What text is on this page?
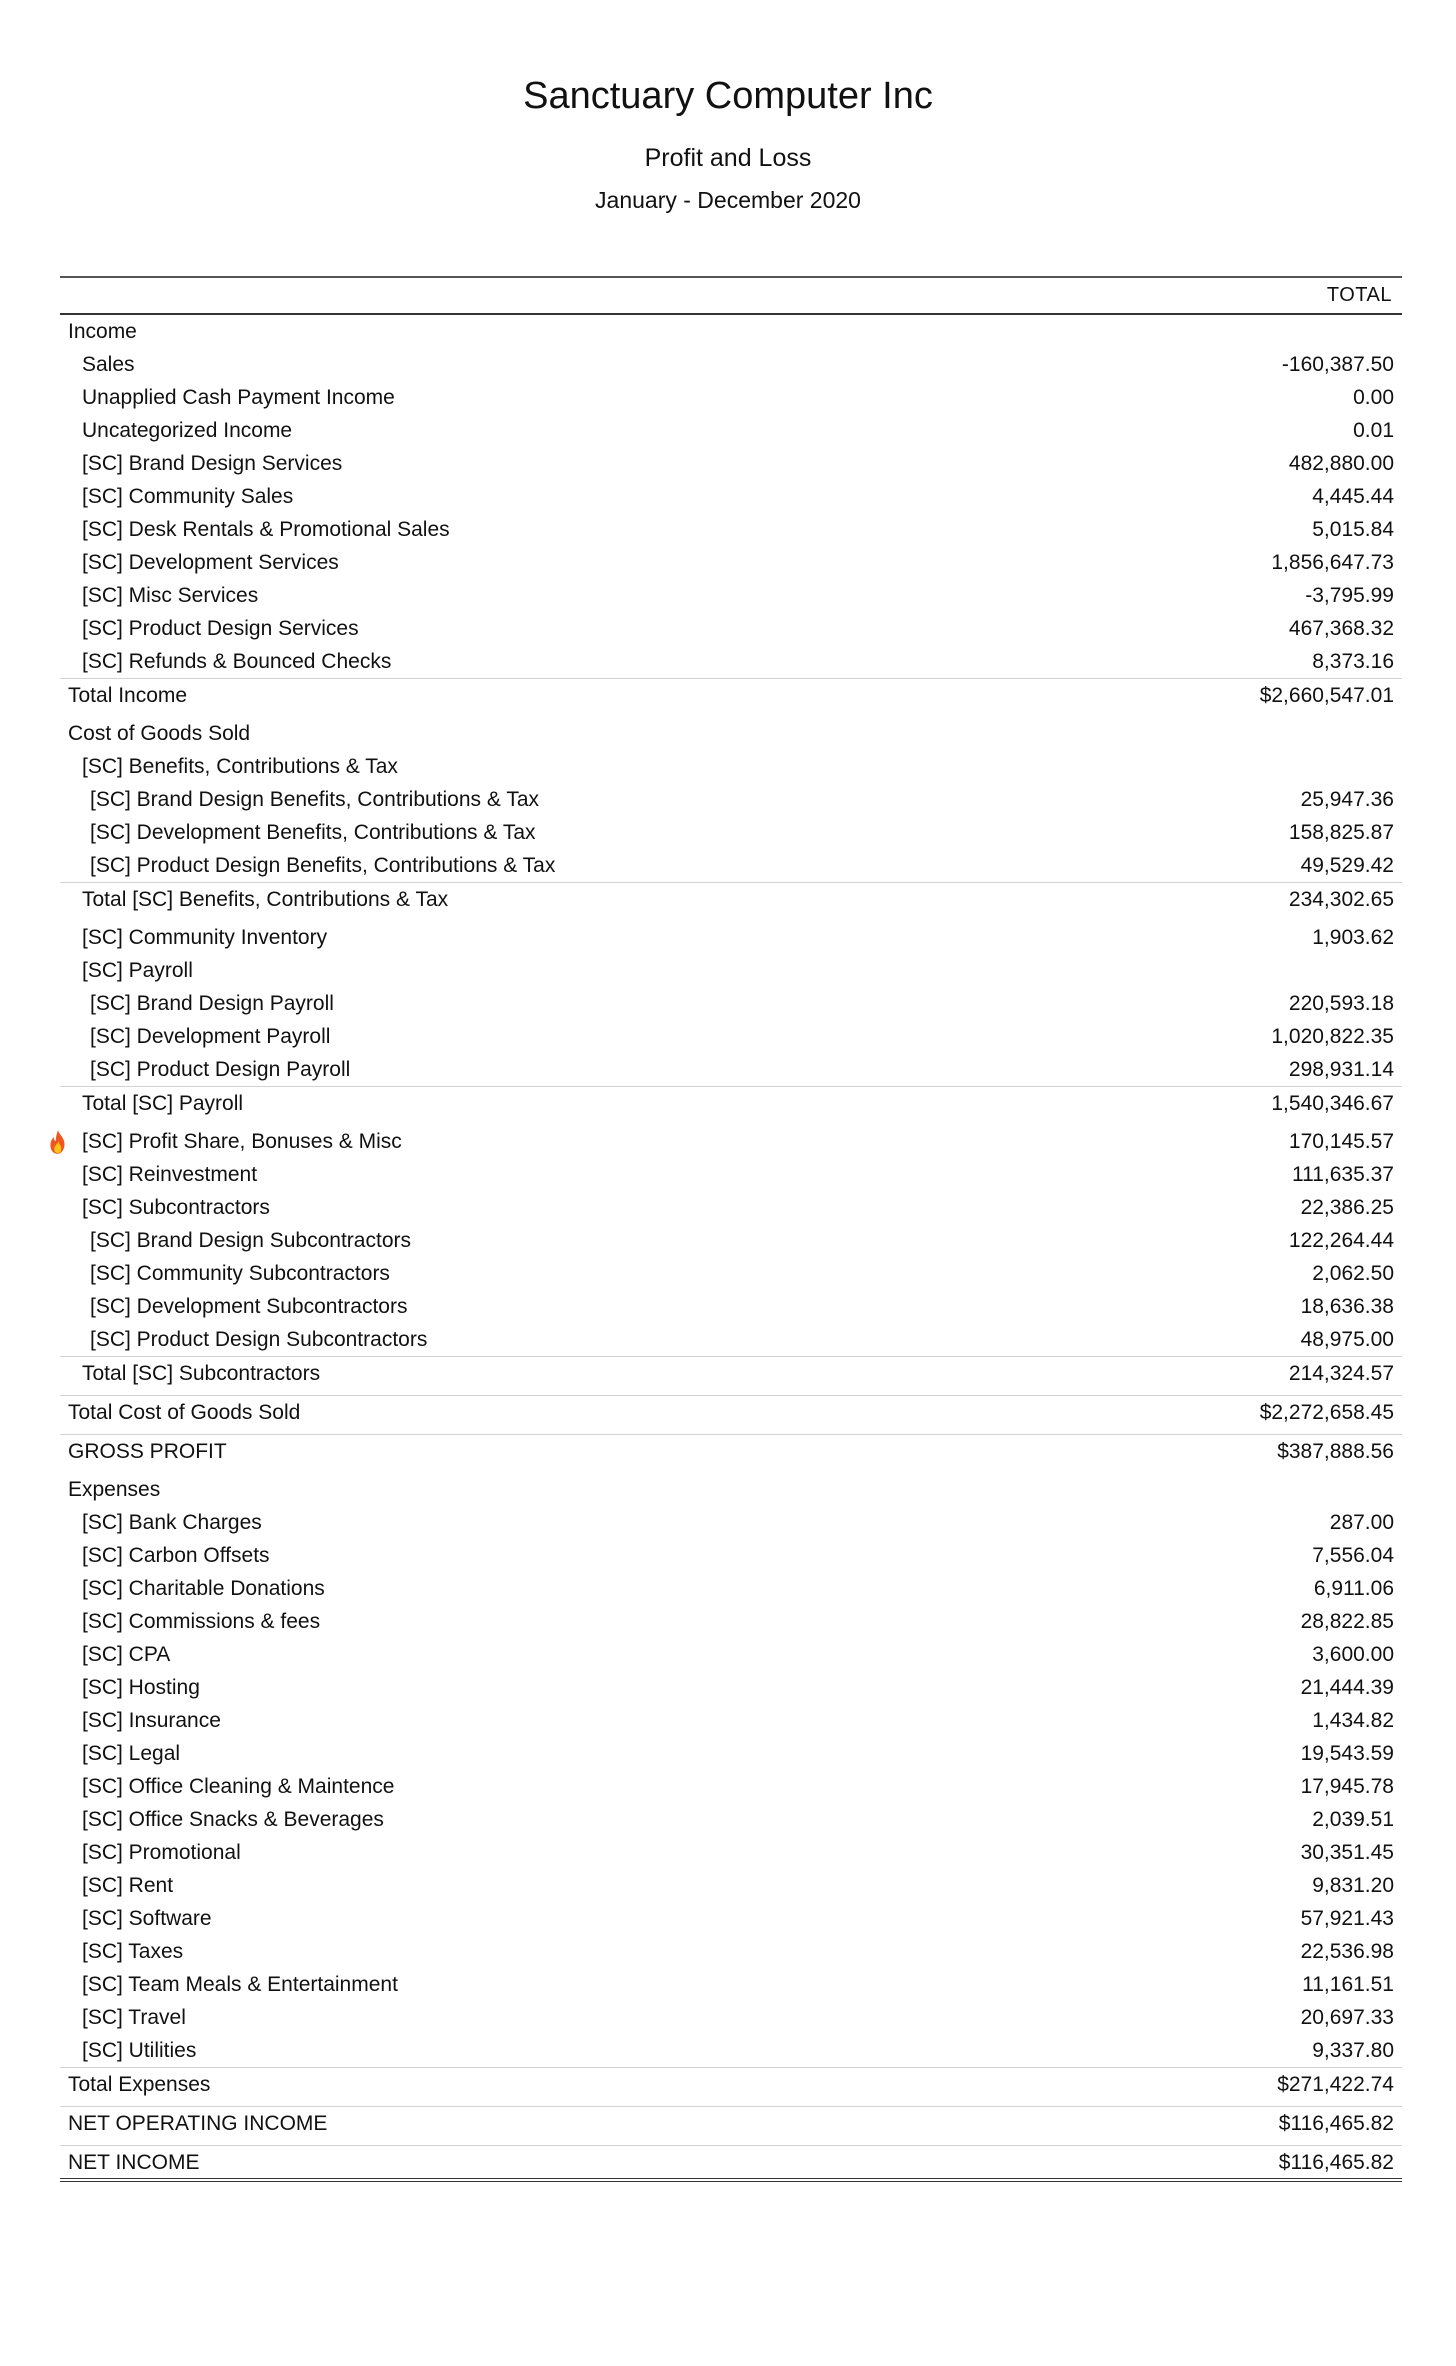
Sanctuary Computer Inc
Profit and Loss
January - December 2020
TOTAL
Income
Sales	-160,387.50
Unapplied Cash Payment Income	0.00
Uncategorized Income	0.01
[SC] Brand Design Services	482,880.00
[SC] Community Sales	4,445.44
[SC] Desk Rentals & Promotional Sales	5,015.84
[SC] Development Services	1,856,647.73
[SC] Misc Services	-3,795.99
[SC] Product Design Services	467,368.32
[SC] Refunds & Bounced Checks	8,373.16
Total Income	$2,660,547.01
Cost of Goods Sold
[SC] Benefits, Contributions & Tax
[SC] Brand Design Benefits, Contributions & Tax	25,947.36
[SC] Development Benefits, Contributions & Tax	158,825.87
[SC] Product Design Benefits, Contributions & Tax	49,529.42
Total [SC] Benefits, Contributions & Tax	234,302.65
[SC] Community Inventory	1,903.62
[SC] Payroll
[SC] Brand Design Payroll	220,593.18
[SC] Development Payroll	1,020,822.35
[SC] Product Design Payroll	298,931.14
Total [SC] Payroll	1,540,346.67
[SC] Profit Share, Bonuses & Misc	170,145.57
[SC] Reinvestment	111,635.37
[SC] Subcontractors	22,386.25
[SC] Brand Design Subcontractors	122,264.44
[SC] Community Subcontractors	2,062.50
[SC] Development Subcontractors	18,636.38
[SC] Product Design Subcontractors	48,975.00
Total [SC] Subcontractors	214,324.57
Total Cost of Goods Sold	$2,272,658.45
GROSS PROFIT	$387,888.56
Expenses
[SC] Bank Charges	287.00
[SC] Carbon Offsets	7,556.04
[SC] Charitable Donations	6,911.06
[SC] Commissions & fees	28,822.85
[SC] CPA	3,600.00
[SC] Hosting	21,444.39
[SC] Insurance	1,434.82
[SC] Legal	19,543.59
[SC] Office Cleaning & Maintence	17,945.78
[SC] Office Snacks & Beverages	2,039.51
[SC] Promotional	30,351.45
[SC] Rent	9,831.20
[SC] Software	57,921.43
[SC] Taxes	22,536.98
[SC] Team Meals & Entertainment	11,161.51
[SC] Travel	20,697.33
[SC] Utilities	9,337.80
Total Expenses	$271,422.74
NET OPERATING INCOME	$116,465.82
NET INCOME	$116,465.82
